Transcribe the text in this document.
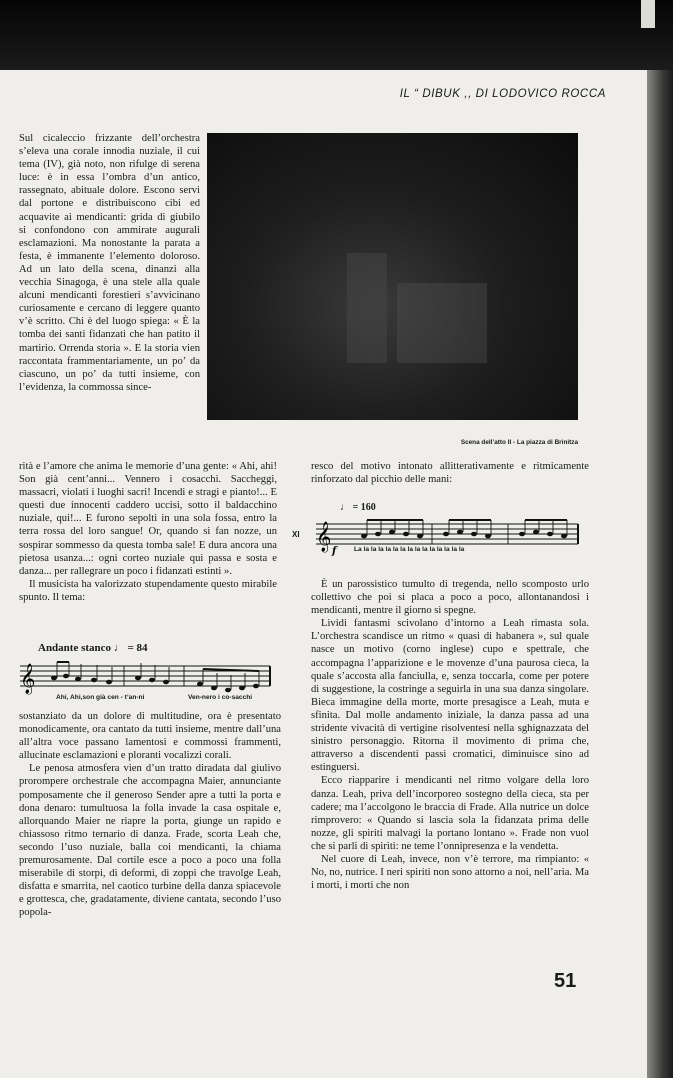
IL “ DIBUK ,, DI LODOVICO ROCCA

Sul cicaleccio frizzante dell’orchestra s’eleva una corale innodia nuziale, il cui tema (IV), già noto, non rifulge di serena luce: è in essa l’ombra d’un antico, rassegnato, abituale dolore. Escono servi dal portone e distribuiscono cibi ed acquavite ai mendicanti: grida di giubilo si confondono con ammirate augurali esclamazioni. Ma nonostante la parata a festa, è immanente l’elemento doloroso. Ad un lato della scena, dinanzi alla vecchia Sinagoga, è una stele alla quale alcuni mendicanti forestieri s’avvicinano curiosamente e cercano di leggere quanto v’è scritto. Chi è del luogo spiega: « È la tomba dei santi fidanzati che han patito il martirio. Orrenda storia ». E la storia vien raccontata frammentariamente, un po’ da ciascuno, un po’ da tutti insieme, con l’evidenza, la commossa since-

Scena dell’atto II - La piazza di Brinitza

rità e l’amore che anima le memorie d’una gente: « Ahi, ahi! Son già cent’anni... Vennero i cosacchi. Saccheggi, massacri, violati i luoghi sacri! Incendi e stragi e pianto!... E questi due innocenti caddero uccisi, sotto il baldacchino nuziale, qui!... E furono sepolti in una sola fossa, entro la terra rossa del loro sangue! Or, quando si fan nozze, un sospirar sommesso da questa tomba sale! E dura ancora una pietosa usanza...: ogni corteo nuziale qui passa e sosta e danza... per rallegrare un poco i fidanzati estinti ».

Il musicista ha valorizzato stupendamente questo mirabile spunto. Il tema:

Andante stanco ♩ = 84
𝄞
Ahi, Ahi,son già cen - t’an-ni	Ven-nero i co-sacchi

sostanziato da un dolore di multitudine, ora è presentato monodicamente, ora cantato da tutti insieme, mentre dall’una all’altra voce passano lamentosi e commossi frammenti, allucinate esclamazioni e ploranti vocalizzi corali.

Le penosa atmosfera vien d’un tratto diradata dal giulivo prorompere orchestrale che accompagna Maier, annunciante pomposamente che il generoso Sender apre a tutti la porta e dona denaro: tumultuosa la folla invade la casa ospitale e, allorquando Maier ne riapre la porta, giunge un rapido e chiassoso ritmo ternario di danza. Frade, scorta Leah che, secondo l’uso nuziale, balla coi mendicanti, la chiama premurosamente. Dal cortile esce a poco a poco una folla miserabile di storpi, di deformi, di zoppi che travolge Leah, disfatta e smarrita, nel caotico turbine della danza spiacevole e grottesca, che, gradatamente, diviene cantata, secondo l’uso popola-

resco del motivo intonato allitterativamente e ritmicamente rinforzato dal picchio delle mani:

♩ = 160
XI 𝄞 f	La la la la la la la la la la la la la la la

È un parossistico tumulto di tregenda, nello scomposto urlo collettivo che poi si placa a poco a poco, allontanandosi i mendicanti, mentre il giorno si spegne.

Lividi fantasmi scivolano d’intorno a Leah rimasta sola. L’orchestra scandisce un ritmo « quasi di habanera », sul quale nasce un motivo (corno inglese) cupo e spettrale, che accompagna l’apparizione e le movenze d’una paurosa cieca, la quale s’accosta alla fanciulla, e, senza toccarla, come per potere di suggestione, la costringe a seguirla in una sua danza singolare. Bieca immagine della morte, morte presagisce a Leah, muta e sfinita. Dal molle andamento iniziale, la danza passa ad una stridente vivacità di vertigine risolventesi nella sghignazzata del sinistro personaggio. Ritorna il movimento di prima che, attraverso a discendenti passi cromatici, diminuisce sino ad estinguersi.

Ecco riapparire i mendicanti nel ritmo volgare della loro danza. Leah, priva dell’incorporeo sostegno della cieca, sta per cadere; ma l’accolgono le braccia di Frade. Alla nutrice un dolce rimprovero: « Quando si lascia sola la fidanzata prima delle nozze, gli spiriti malvagi la portano lontano ». Frade non vuol che si parli di spiriti: ne teme l’onnipresenza e la vendetta.

Nel cuore di Leah, invece, non v’è terrore, ma rimpianto: « No, no, nutrice. I neri spiriti non sono attorno a noi, nell’aria. Ma i morti, i morti che non

51
